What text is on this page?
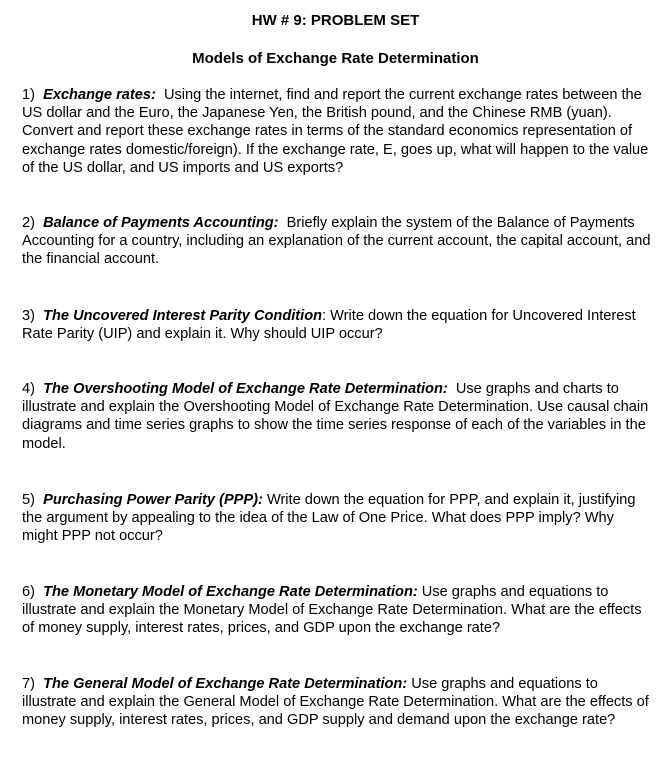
HW # 9: PROBLEM SET
Models of Exchange Rate Determination
1) Exchange rates: Using the internet, find and report the current exchange rates between the US dollar and the Euro, the Japanese Yen, the British pound, and the Chinese RMB (yuan). Convert and report these exchange rates in terms of the standard economics representation of exchange rates domestic/foreign). If the exchange rate, E, goes up, what will happen to the value of the US dollar, and US imports and US exports?
2) Balance of Payments Accounting: Briefly explain the system of the Balance of Payments Accounting for a country, including an explanation of the current account, the capital account, and the financial account.
3) The Uncovered Interest Parity Condition: Write down the equation for Uncovered Interest Rate Parity (UIP) and explain it. Why should UIP occur?
4) The Overshooting Model of Exchange Rate Determination: Use graphs and charts to illustrate and explain the Overshooting Model of Exchange Rate Determination. Use causal chain diagrams and time series graphs to show the time series response of each of the variables in the model.
5) Purchasing Power Parity (PPP): Write down the equation for PPP, and explain it, justifying the argument by appealing to the idea of the Law of One Price. What does PPP imply? Why might PPP not occur?
6) The Monetary Model of Exchange Rate Determination: Use graphs and equations to illustrate and explain the Monetary Model of Exchange Rate Determination. What are the effects of money supply, interest rates, prices, and GDP upon the exchange rate?
7) The General Model of Exchange Rate Determination: Use graphs and equations to illustrate and explain the General Model of Exchange Rate Determination. What are the effects of money supply, interest rates, prices, and GDP supply and demand upon the exchange rate?
